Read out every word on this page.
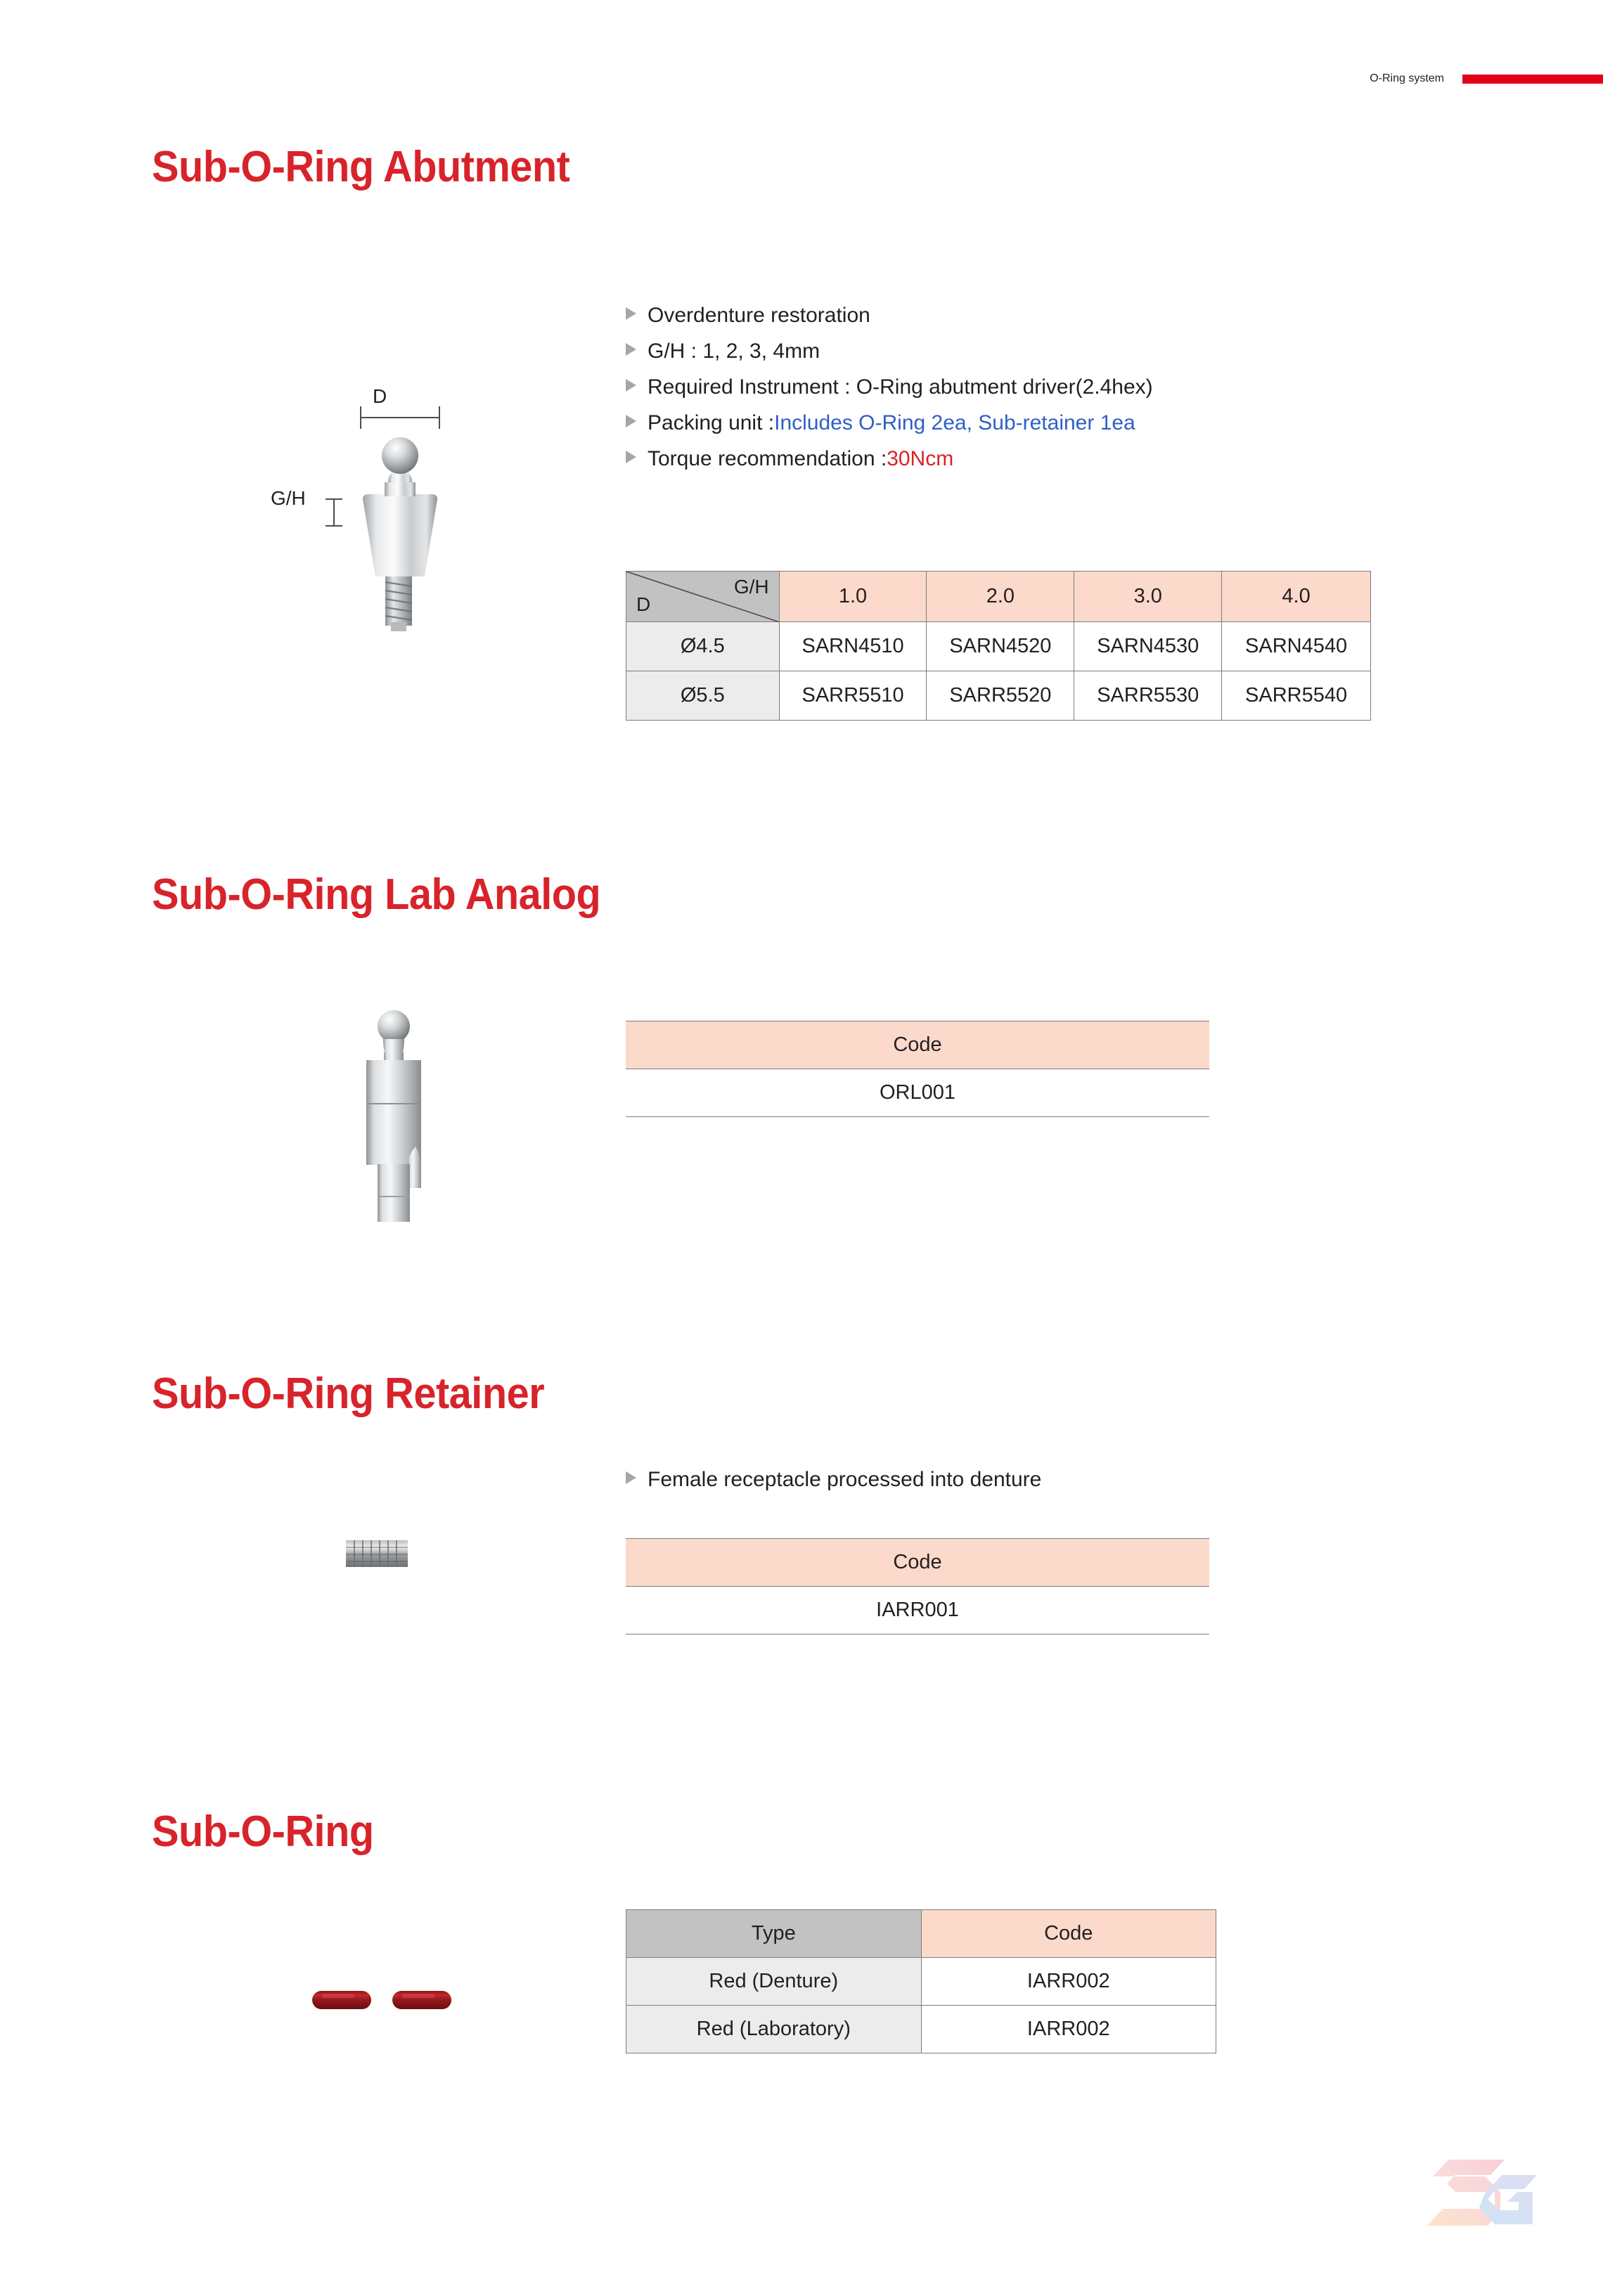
O-Ring system
Sub-O-Ring Abutment
D
G/H
Overdenture restoration
G/H : 1, 2, 3, 4mm
Required Instrument : O-Ring abutment driver(2.4hex)
Packing unit : Includes O-Ring 2ea, Sub-retainer 1ea
Torque recommendation : 30Ncm
D
G/H	1.0	2.0	3.0	4.0
Ø4.5	SARN4510	SARN4520	SARN4530	SARN4540
Ø5.5	SARR5510	SARR5520	SARR5530	SARR5540
Sub-O-Ring Lab Analog
Code
ORL001
Sub-O-Ring Retainer
Female receptacle processed into denture
Code
IARR001
Sub-O-Ring
Type	Code
Red (Denture)	IARR002
Red (Laboratory)	IARR002
